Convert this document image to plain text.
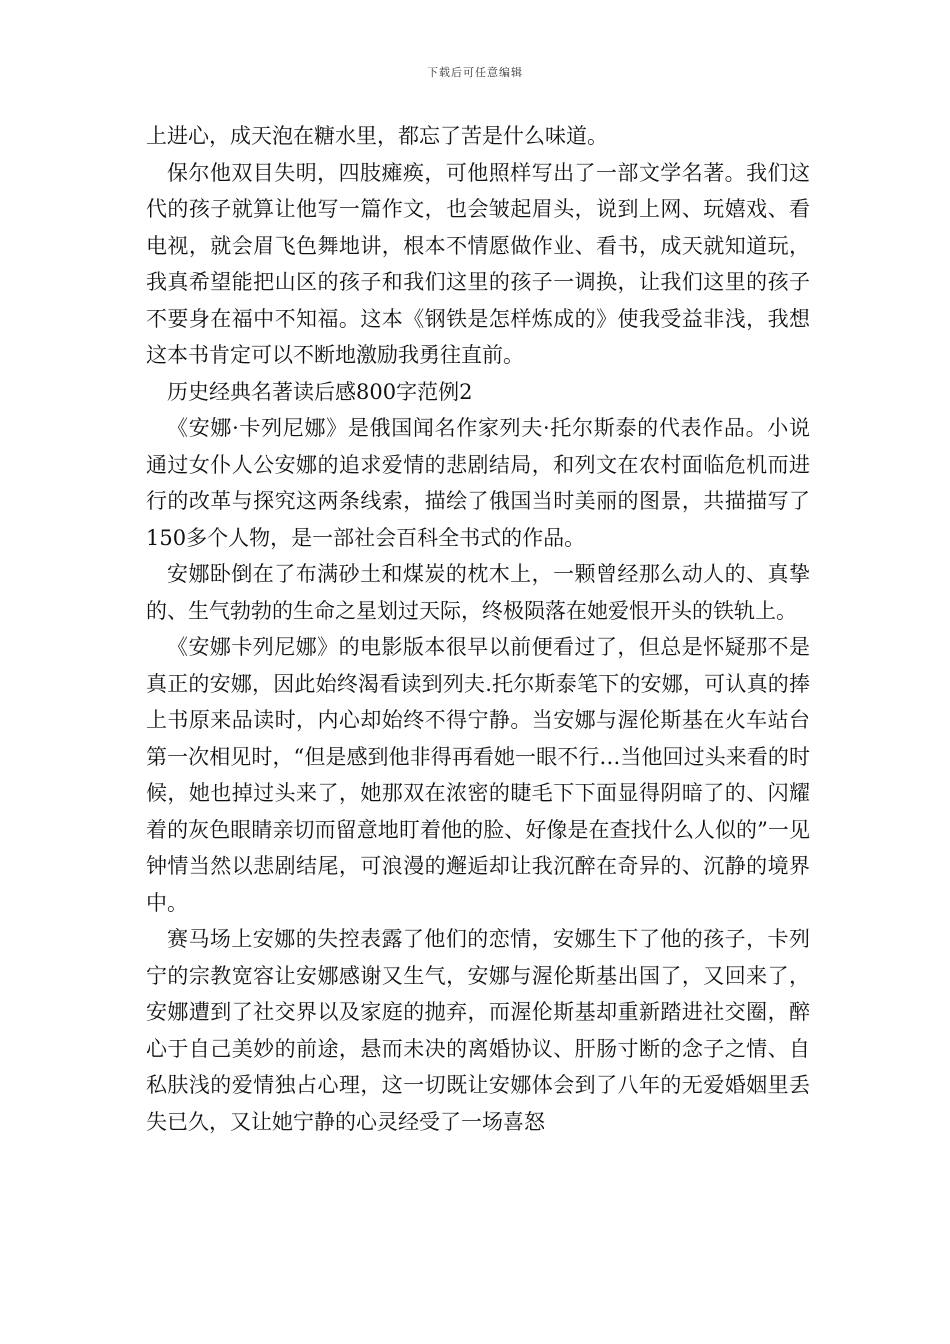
下载后可任意编辑

上进心，成天泡在糖水里，都忘了苦是什么味道。

保尔他双目失明，四肢瘫痪，可他照样写出了一部文学名著。我们这代的孩子就算让他写一篇作文，也会皱起眉头，说到上网、玩嬉戏、看电视，就会眉飞色舞地讲，根本不情愿做作业、看书，成天就知道玩，我真希望能把山区的孩子和我们这里的孩子一调换，让我们这里的孩子不要身在福中不知福。这本《钢铁是怎样炼成的》使我受益非浅，我想这本书肯定可以不断地激励我勇往直前。

历史经典名著读后感800字范例2

《安娜·卡列尼娜》是俄国闻名作家列夫·托尔斯泰的代表作品。小说通过女仆人公安娜的追求爱情的悲剧结局，和列文在农村面临危机而进行的改革与探究这两条线索，描绘了俄国当时美丽的图景，共描描写了150多个人物，是一部社会百科全书式的作品。

安娜卧倒在了布满砂土和煤炭的枕木上，一颗曾经那么动人的、真挚的、生气勃勃的生命之星划过天际，终极陨落在她爱恨开头的铁轨上。

《安娜卡列尼娜》的电影版本很早以前便看过了，但总是怀疑那不是真正的安娜，因此始终渴看读到列夫.托尔斯泰笔下的安娜，可认真的捧上书原来品读时，内心却始终不得宁静。当安娜与渥伦斯基在火车站台第一次相见时，“但是感到他非得再看她一眼不行…当他回过头来看的时候，她也掉过头来了，她那双在浓密的睫毛下下面显得阴暗了的、闪耀着的灰色眼睛亲切而留意地盯着他的脸、好像是在查找什么人似的”一见钟情当然以悲剧结尾，可浪漫的邂逅却让我沉醉在奇异的、沉静的境界中。

赛马场上安娜的失控表露了他们的恋情，安娜生下了他的孩子，卡列宁的宗教宽容让安娜感谢又生气，安娜与渥伦斯基出国了，又回来了，安娜遭到了社交界以及家庭的抛弃，而渥伦斯基却重新踏进社交圈，醉心于自己美妙的前途，悬而未决的离婚协议、肝肠寸断的念子之情、自私肤浅的爱情独占心理，这一切既让安娜体会到了八年的无爱婚姻里丢失已久，又让她宁静的心灵经受了一场喜怒
